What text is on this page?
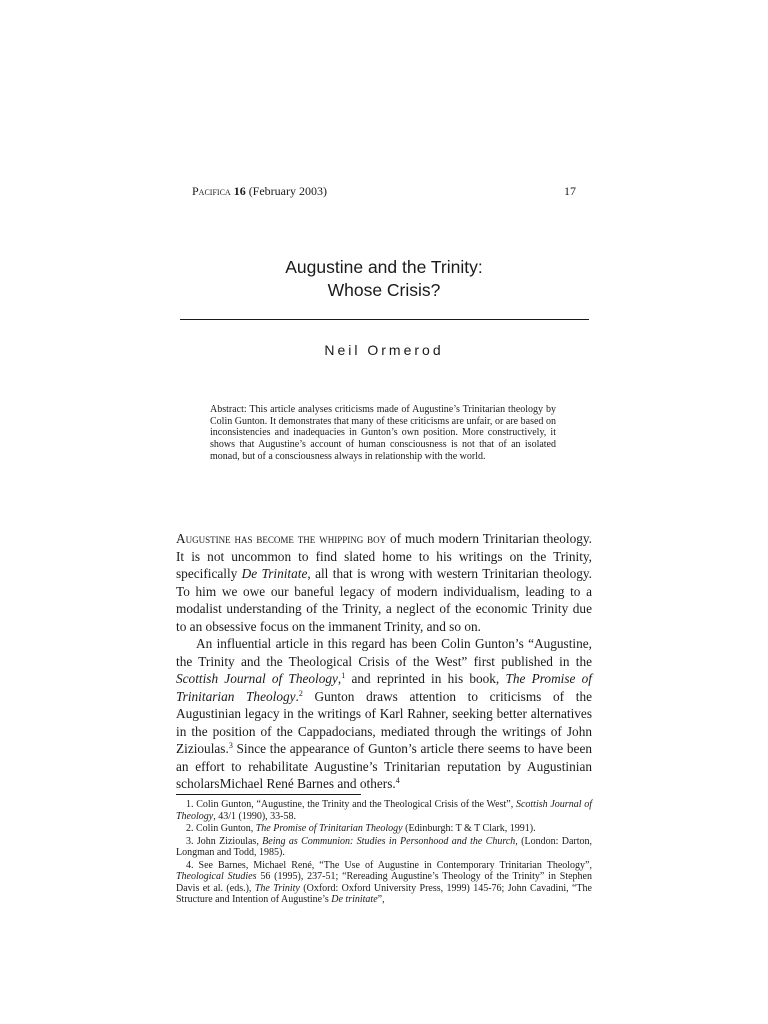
Pacifica 16 (February 2003)	17
Augustine and the Trinity:
Whose Crisis?
Neil Ormerod

Abstract: This article analyses criticisms made of Augustine’s Trinitarian theology by Colin Gunton. It demonstrates that many of these criticisms are unfair, or are based on inconsistencies and inadequacies in Gunton’s own position. More constructively, it shows that Augustine’s account of human consciousness is not that of an isolated monad, but of a consciousness always in relationship with the world.

Augustine has become the whipping boy of much modern Trinitarian theology. It is not uncommon to find slated home to his writings on the Trinity, specifically De Trinitate, all that is wrong with western Trinitarian theology. To him we owe our baneful legacy of modern individualism, leading to a modalist understanding of the Trinity, a neglect of the economic Trinity due to an obsessive focus on the immanent Trinity, and so on.

An influential article in this regard has been Colin Gunton’s “Augustine, the Trinity and the Theological Crisis of the West” first published in the Scottish Journal of Theology,$^1$ and reprinted in his book, The Promise of Trinitarian Theology.$^2$ Gunton draws attention to criticisms of the Augustinian legacy in the writings of Karl Rahner, seeking better alternatives in the position of the Cappadocians, mediated through the writings of John Zizioulas.$^3$ Since the appearance of Gunton’s article there seems to have been an effort to rehabilitate Augustine’s Trinitarian reputation by Augustinian scholarsMichael René Barnes and others.$^4$

1. Colin Gunton, “Augustine, the Trinity and the Theological Crisis of the West”, Scottish Journal of Theology, 43/1 (1990), 33-58.

2. Colin Gunton, The Promise of Trinitarian Theology (Edinburgh: T & T Clark, 1991).

3. John Zizioulas, Being as Communion: Studies in Personhood and the Church, (London: Darton, Longman and Todd, 1985).

4. See Barnes, Michael René, “The Use of Augustine in Contemporary Trinitarian Theology”, Theological Studies 56 (1995), 237-51; “Rereading Augustine’s Theology of the Trinity” in Stephen Davis et al. (eds.), The Trinity (Oxford: Oxford University Press, 1999) 145-76; John Cavadini, “The Structure and Intention of Augustine’s De trinitate”,
